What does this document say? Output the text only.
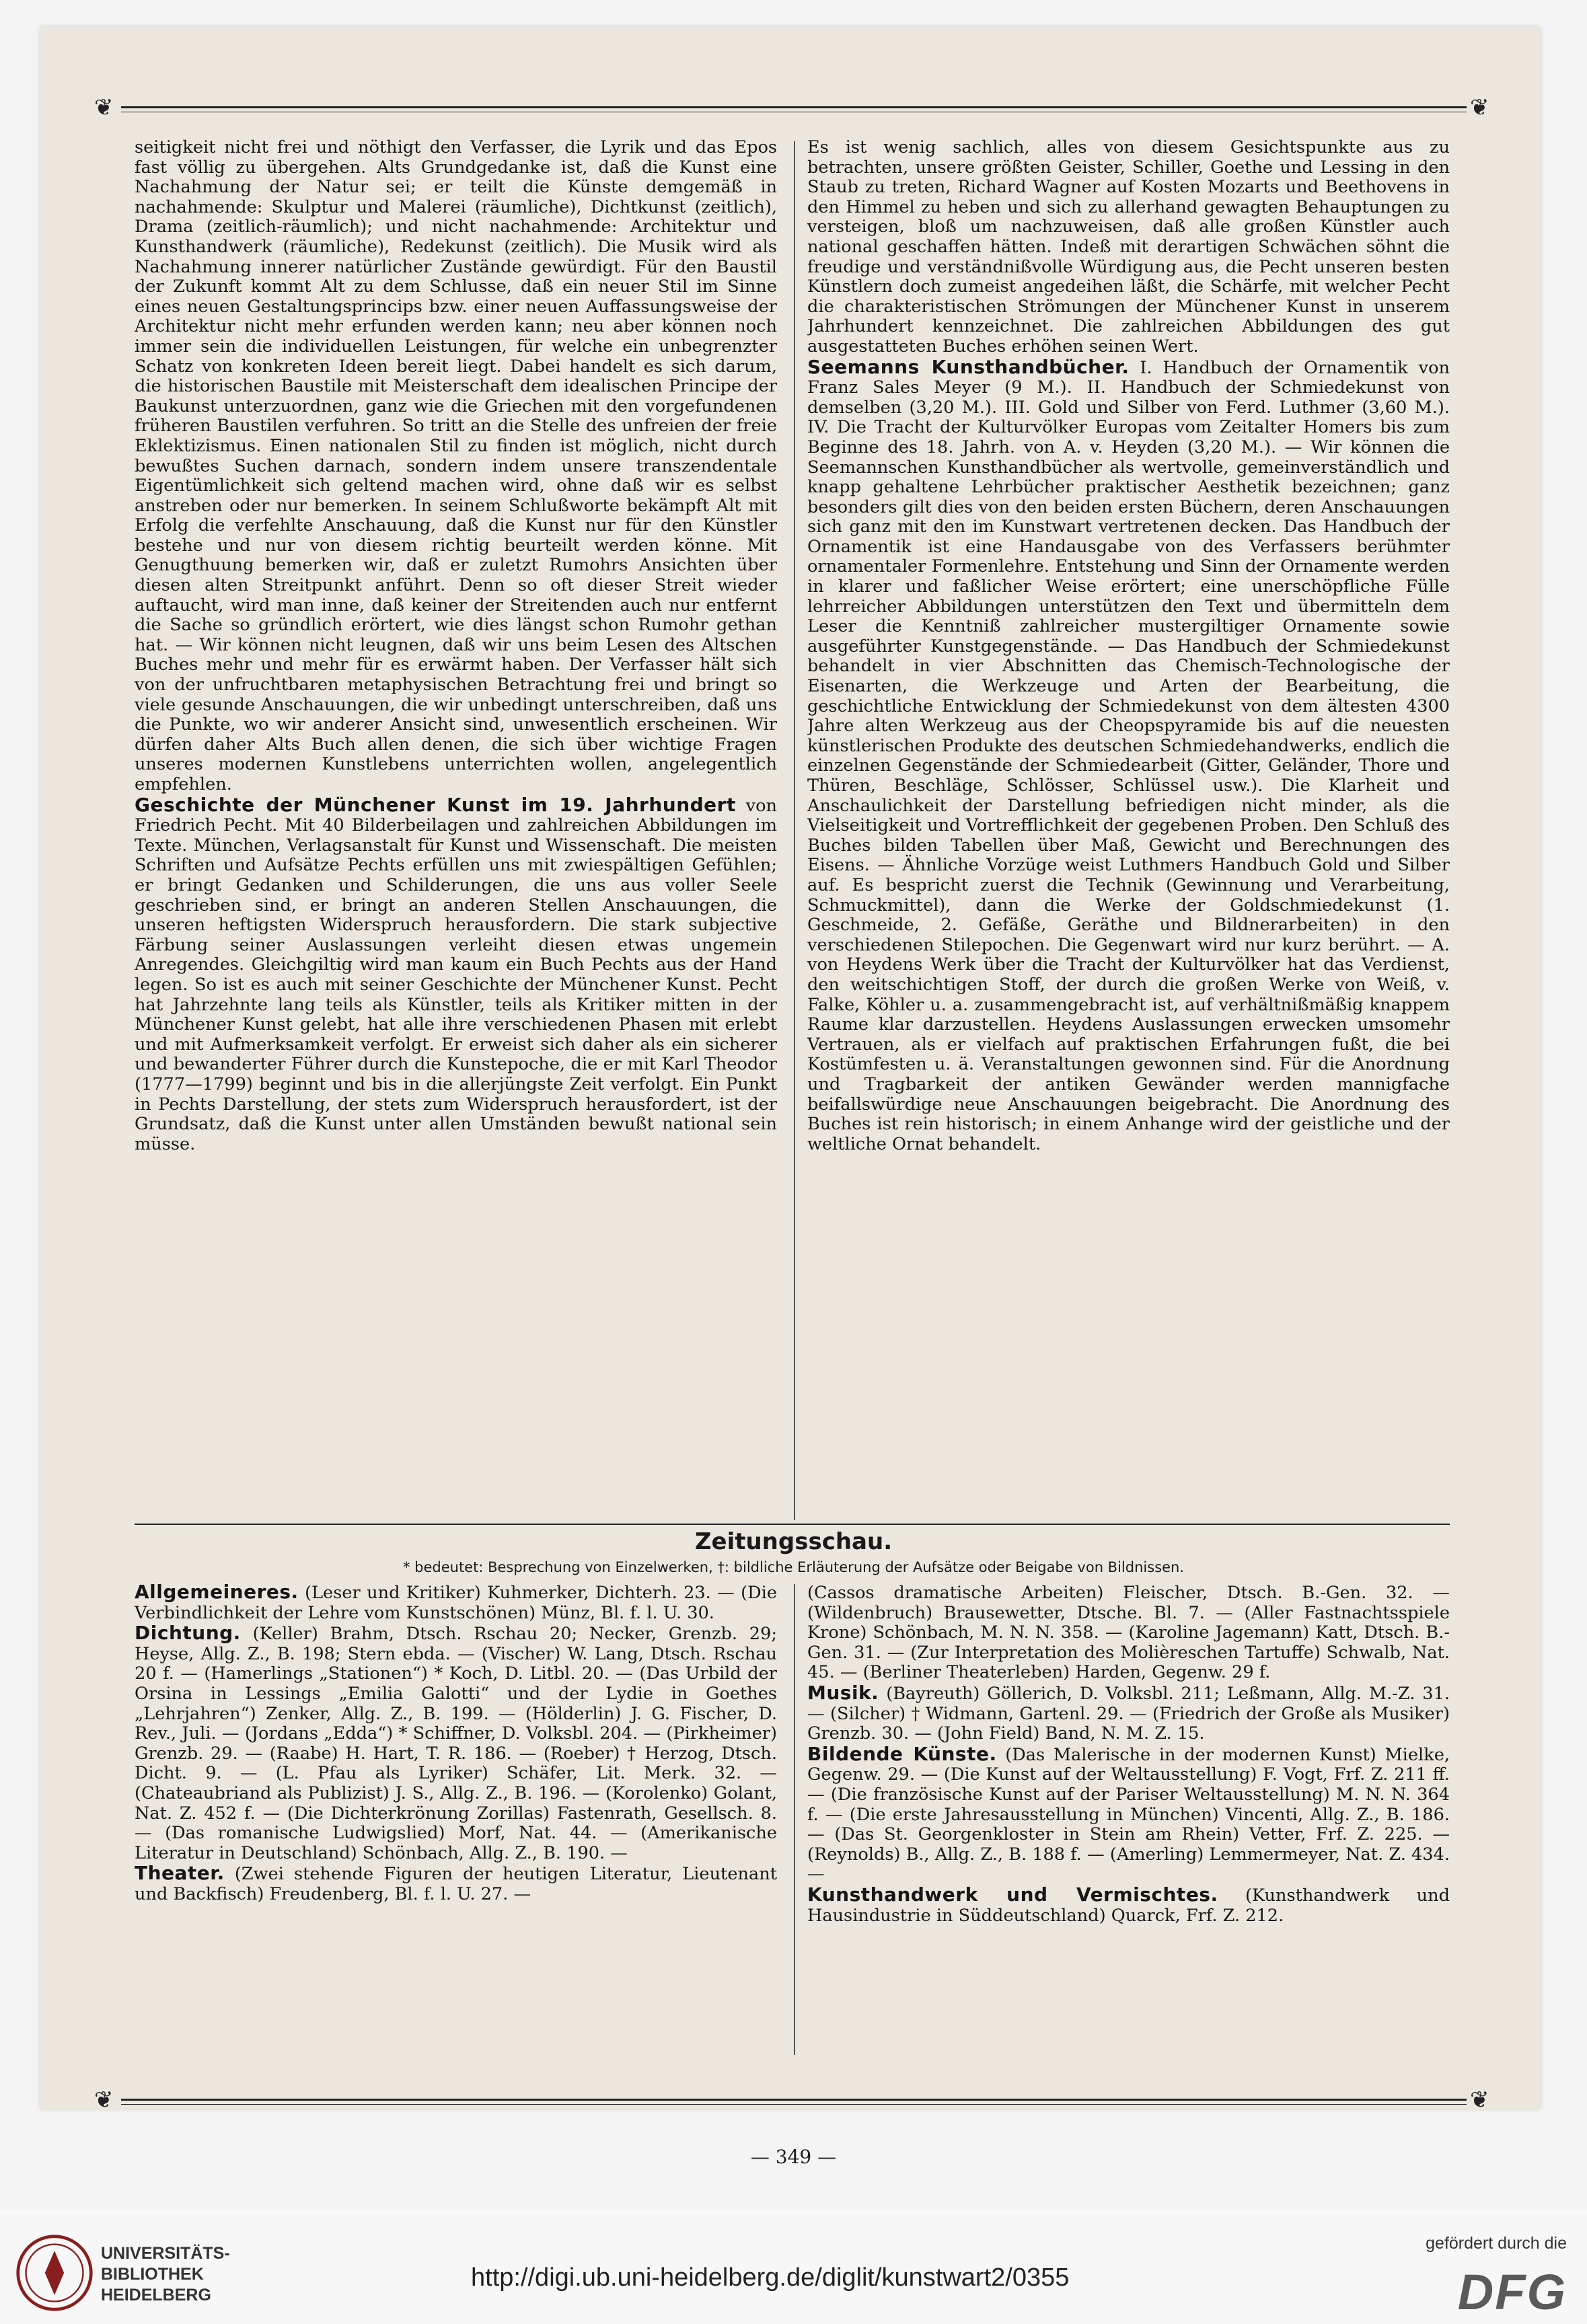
❦	❦
❦	❦

seitigkeit nicht frei und nöthigt den Verfasser, die Lyrik und das Epos fast völlig zu übergehen. Alts Grundgedanke ist, daß die Kunst eine Nachahmung der Natur sei; er teilt die Künste demgemäß in nachahmende: Skulptur und Malerei (räumliche), Dichtkunst (zeitlich), Drama (zeitlich-räumlich); und nicht nachahmende: Architektur und Kunsthandwerk (räumliche), Redekunst (zeitlich). Die Musik wird als Nachahmung innerer natürlicher Zustände gewürdigt. Für den Baustil der Zukunft kommt Alt zu dem Schlusse, daß ein neuer Stil im Sinne eines neuen Gestaltungsprincips bzw. einer neuen Auffassungsweise der Architektur nicht mehr erfunden werden kann; neu aber können noch immer sein die individuellen Leistungen, für welche ein unbegrenzter Schatz von konkreten Ideen bereit liegt. Dabei handelt es sich darum, die historischen Baustile mit Meisterschaft dem idealischen Principe der Baukunst unterzuordnen, ganz wie die Griechen mit den vorgefundenen früheren Baustilen verfuhren. So tritt an die Stelle des unfreien der freie Eklektizismus. Einen nationalen Stil zu finden ist möglich, nicht durch bewußtes Suchen darnach, sondern indem unsere transzendentale Eigentümlichkeit sich geltend machen wird, ohne daß wir es selbst anstreben oder nur bemerken. In seinem Schlußworte bekämpft Alt mit Erfolg die verfehlte Anschauung, daß die Kunst nur für den Künstler bestehe und nur von diesem richtig beurteilt werden könne. Mit Genugthuung bemerken wir, daß er zuletzt Rumohrs Ansichten über diesen alten Streitpunkt anführt. Denn so oft dieser Streit wieder auftaucht, wird man inne, daß keiner der Streitenden auch nur entfernt die Sache so gründlich erörtert, wie dies längst schon Rumohr gethan hat. — Wir können nicht leugnen, daß wir uns beim Lesen des Altschen Buches mehr und mehr für es erwärmt haben. Der Verfasser hält sich von der unfruchtbaren metaphysischen Betrachtung frei und bringt so viele gesunde Anschauungen, die wir unbedingt unterschreiben, daß uns die Punkte, wo wir anderer Ansicht sind, unwesentlich erscheinen. Wir dürfen daher Alts Buch allen denen, die sich über wichtige Fragen unseres modernen Kunstlebens unterrichten wollen, angelegentlich empfehlen.

Geschichte der Münchener Kunst im 19. Jahrhundert von Friedrich Pecht. Mit 40 Bilderbeilagen und zahlreichen Abbildungen im Texte. München, Verlagsanstalt für Kunst und Wissenschaft. Die meisten Schriften und Aufsätze Pechts erfüllen uns mit zwiespältigen Gefühlen; er bringt Gedanken und Schilderungen, die uns aus voller Seele geschrieben sind, er bringt an anderen Stellen Anschauungen, die unseren heftigsten Widerspruch herausfordern. Die stark subjective Färbung seiner Auslassungen verleiht diesen etwas ungemein Anregendes. Gleichgiltig wird man kaum ein Buch Pechts aus der Hand legen. So ist es auch mit seiner Geschichte der Münchener Kunst. Pecht hat Jahrzehnte lang teils als Künstler, teils als Kritiker mitten in der Münchener Kunst gelebt, hat alle ihre verschiedenen Phasen mit erlebt und mit Aufmerksamkeit verfolgt. Er erweist sich daher als ein sicherer und bewanderter Führer durch die Kunstepoche, die er mit Karl Theodor (1777—1799) beginnt und bis in die allerjüngste Zeit verfolgt. Ein Punkt in Pechts Darstellung, der stets zum Widerspruch herausfordert, ist der Grundsatz, daß die Kunst unter allen Umständen bewußt national sein müsse.

Es ist wenig sachlich, alles von diesem Gesichtspunkte aus zu betrachten, unsere größten Geister, Schiller, Goethe und Lessing in den Staub zu treten, Richard Wagner auf Kosten Mozarts und Beethovens in den Himmel zu heben und sich zu allerhand gewagten Behauptungen zu versteigen, bloß um nachzuweisen, daß alle großen Künstler auch national geschaffen hätten. Indeß mit derartigen Schwächen söhnt die freudige und verständnißvolle Würdigung aus, die Pecht unseren besten Künstlern doch zumeist angedeihen läßt, die Schärfe, mit welcher Pecht die charakteristischen Strömungen der Münchener Kunst in unserem Jahrhundert kennzeichnet. Die zahlreichen Abbildungen des gut ausgestatteten Buches erhöhen seinen Wert.

Seemanns Kunsthandbücher. I. Handbuch der Ornamentik von Franz Sales Meyer (9 M.). II. Handbuch der Schmiedekunst von demselben (3,20 M.). III. Gold und Silber von Ferd. Luthmer (3,60 M.). IV. Die Tracht der Kulturvölker Europas vom Zeitalter Homers bis zum Beginne des 18. Jahrh. von A. v. Heyden (3,20 M.). — Wir können die Seemannschen Kunsthandbücher als wertvolle, gemeinverständlich und knapp gehaltene Lehrbücher praktischer Aesthetik bezeichnen; ganz besonders gilt dies von den beiden ersten Büchern, deren Anschauungen sich ganz mit den im Kunstwart vertretenen decken. Das Handbuch der Ornamentik ist eine Handausgabe von des Verfassers berühmter ornamentaler Formenlehre. Entstehung und Sinn der Ornamente werden in klarer und faßlicher Weise erörtert; eine unerschöpfliche Fülle lehrreicher Abbildungen unterstützen den Text und übermitteln dem Leser die Kenntniß zahlreicher mustergiltiger Ornamente sowie ausgeführter Kunstgegenstände. — Das Handbuch der Schmiedekunst behandelt in vier Abschnitten das Chemisch-Technologische der Eisenarten, die Werkzeuge und Arten der Bearbeitung, die geschichtliche Entwicklung der Schmiedekunst von dem ältesten 4300 Jahre alten Werkzeug aus der Cheopspyramide bis auf die neuesten künstlerischen Produkte des deutschen Schmiedehandwerks, endlich die einzelnen Gegenstände der Schmiedearbeit (Gitter, Geländer, Thore und Thüren, Beschläge, Schlösser, Schlüssel usw.). Die Klarheit und Anschaulichkeit der Darstellung befriedigen nicht minder, als die Vielseitigkeit und Vortrefflichkeit der gegebenen Proben. Den Schluß des Buches bilden Tabellen über Maß, Gewicht und Berechnungen des Eisens. — Ähnliche Vorzüge weist Luthmers Handbuch Gold und Silber auf. Es bespricht zuerst die Technik (Gewinnung und Verarbeitung, Schmuckmittel), dann die Werke der Goldschmiedekunst (1. Geschmeide, 2. Gefäße, Geräthe und Bildnerarbeiten) in den verschiedenen Stilepochen. Die Gegenwart wird nur kurz berührt. — A. von Heydens Werk über die Tracht der Kulturvölker hat das Verdienst, den weitschichtigen Stoff, der durch die großen Werke von Weiß, v. Falke, Köhler u. a. zusammengebracht ist, auf verhältnißmäßig knappem Raume klar darzustellen. Heydens Auslassungen erwecken umsomehr Vertrauen, als er vielfach auf praktischen Erfahrungen fußt, die bei Kostümfesten u. ä. Veranstaltungen gewonnen sind. Für die Anordnung und Tragbarkeit der antiken Gewänder werden mannigfache beifallswürdige neue Anschauungen beigebracht. Die Anordnung des Buches ist rein historisch; in einem Anhange wird der geistliche und der weltliche Ornat behandelt.

Zeitungsschau.
* bedeutet: Besprechung von Einzelwerken, †: bildliche Erläuterung der Aufsätze oder Beigabe von Bildnissen.

Allgemeineres. (Leser und Kritiker) Kuhmerker, Dichterh. 23. — (Die Verbindlichkeit der Lehre vom Kunstschönen) Münz, Bl. f. l. U. 30.

Dichtung. (Keller) Brahm, Dtsch. Rschau 20; Necker, Grenzb. 29; Heyse, Allg. Z., B. 198; Stern ebda. — (Vischer) W. Lang, Dtsch. Rschau 20 f. — (Hamerlings „Stationen“) * Koch, D. Litbl. 20. — (Das Urbild der Orsina in Lessings „Emilia Galotti“ und der Lydie in Goethes „Lehrjahren“) Zenker, Allg. Z., B. 199. — (Hölderlin) J. G. Fischer, D. Rev., Juli. — (Jordans „Edda“) * Schiffner, D. Volksbl. 204. — (Pirkheimer) Grenzb. 29. — (Raabe) H. Hart, T. R. 186. — (Roeber) † Herzog, Dtsch. Dicht. 9. — (L. Pfau als Lyriker) Schäfer, Lit. Merk. 32. — (Chateaubriand als Publizist) J. S., Allg. Z., B. 196. — (Korolenko) Golant, Nat. Z. 452 f. — (Die Dichterkrönung Zorillas) Fastenrath, Gesellsch. 8. — (Das romanische Ludwigslied) Morf, Nat. 44. — (Amerikanische Literatur in Deutschland) Schönbach, Allg. Z., B. 190. —

Theater. (Zwei stehende Figuren der heutigen Literatur, Lieutenant und Backfisch) Freudenberg, Bl. f. l. U. 27. —

(Cassos dramatische Arbeiten) Fleischer, Dtsch. B.-Gen. 32. — (Wildenbruch) Brausewetter, Dtsche. Bl. 7. — (Aller Fastnachtsspiele Krone) Schönbach, M. N. N. 358. — (Karoline Jagemann) Katt, Dtsch. B.-Gen. 31. — (Zur Interpretation des Molièreschen Tartuffe) Schwalb, Nat. 45. — (Berliner Theaterleben) Harden, Gegenw. 29 f.

Musik. (Bayreuth) Göllerich, D. Volksbl. 211; Leßmann, Allg. M.-Z. 31. — (Silcher) † Widmann, Gartenl. 29. — (Friedrich der Große als Musiker) Grenzb. 30. — (John Field) Band, N. M. Z. 15.

Bildende Künste. (Das Malerische in der modernen Kunst) Mielke, Gegenw. 29. — (Die Kunst auf der Weltausstellung) F. Vogt, Frf. Z. 211 ff. — (Die französische Kunst auf der Pariser Weltausstellung) M. N. N. 364 f. — (Die erste Jahresausstellung in München) Vincenti, Allg. Z., B. 186. — (Das St. Georgenkloster in Stein am Rhein) Vetter, Frf. Z. 225. — (Reynolds) B., Allg. Z., B. 188 f. — (Amerling) Lemmermeyer, Nat. Z. 434. —

Kunsthandwerk und Vermischtes. (Kunsthandwerk und Hausindustrie in Süddeutschland) Quarck, Frf. Z. 212.

— 349 —
UNIVERSITÄTS-
BIBLIOTHEK
HEIDELBERG
http://digi.ub.uni-heidelberg.de/diglit/kunstwart2/0355
gefördert durch die
DFG
